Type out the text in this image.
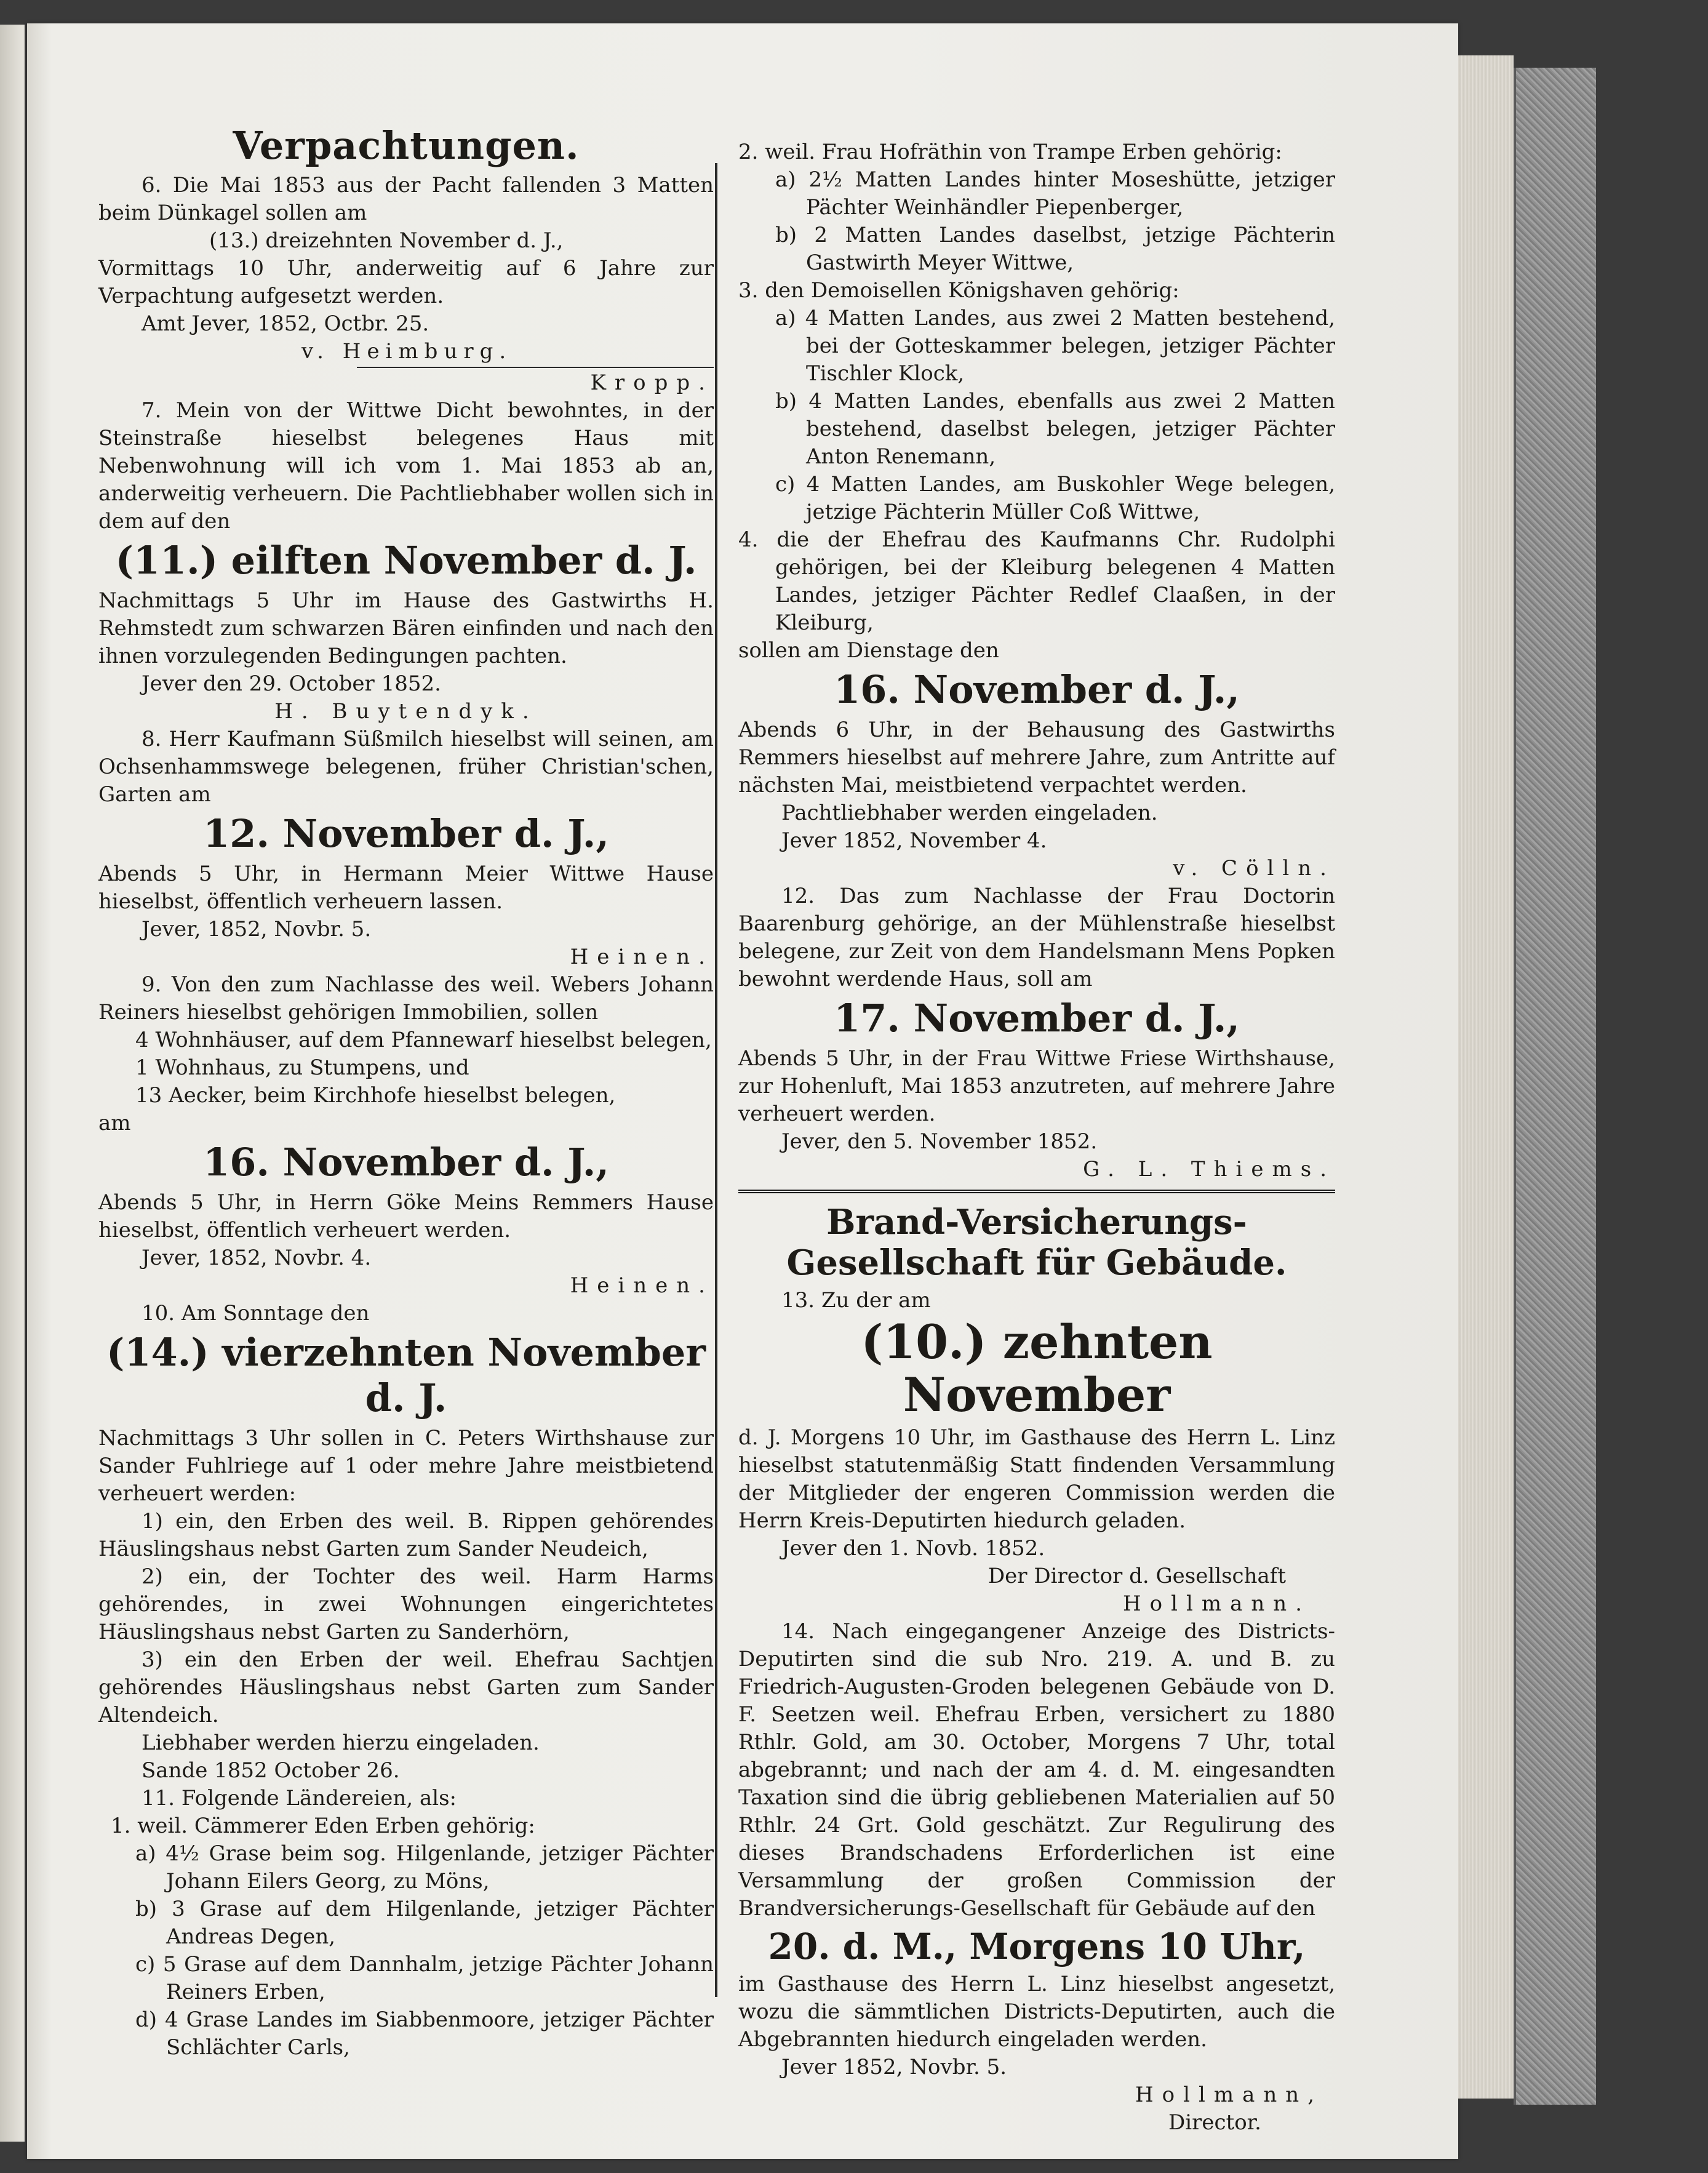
Verpachtungen.

6. Die Mai 1853 aus der Pacht fallenden 3 Matten beim Dünkagel sollen am

(13.) dreizehnten November d. J.,

Vormittags 10 Uhr, anderweitig auf 6 Jahre zur Verpachtung aufgesetzt werden.

Amt Jever, 1852, Octbr. 25.

v. Heimburg.

Kropp.

7. Mein von der Wittwe Dicht bewohntes, in der Steinstraße hieselbst belegenes Haus mit Nebenwohnung will ich vom 1. Mai 1853 ab an, anderweitig verheuern. Die Pachtliebhaber wollen sich in dem auf den

(11.) eilften November d. J.

Nachmittags 5 Uhr im Hause des Gastwirths H. Rehmstedt zum schwarzen Bären einfinden und nach den ihnen vorzulegenden Bedingungen pachten.

Jever den 29. October 1852.

H. Buytendyk.

8. Herr Kaufmann Süßmilch hieselbst will seinen, am Ochsenhammswege belegenen, früher Christian'schen, Garten am

12. November d. J.,

Abends 5 Uhr, in Hermann Meier Wittwe Hause hieselbst, öffentlich verheuern lassen.

Jever, 1852, Novbr. 5.

Heinen.

9. Von den zum Nachlasse des weil. Webers Johann Reiners hieselbst gehörigen Immobilien, sollen

4 Wohnhäuser, auf dem Pfannewarf hieselbst belegen,

1 Wohnhaus, zu Stumpens, und

13 Aecker, beim Kirchhofe hieselbst belegen,

am

16. November d. J.,

Abends 5 Uhr, in Herrn Göke Meins Remmers Hause hieselbst, öffentlich verheuert werden.

Jever, 1852, Novbr. 4.

Heinen.

10. Am Sonntage den

(14.) vierzehnten November d. J.

Nachmittags 3 Uhr sollen in C. Peters Wirthshause zur Sander Fuhlriege auf 1 oder mehre Jahre meistbietend verheuert werden:

1) ein, den Erben des weil. B. Rippen gehörendes Häuslingshaus nebst Garten zum Sander Neudeich,

2) ein, der Tochter des weil. Harm Harms gehörendes, in zwei Wohnungen eingerichtetes Häuslingshaus nebst Garten zu Sanderhörn,

3) ein den Erben der weil. Ehefrau Sachtjen gehörendes Häuslingshaus nebst Garten zum Sander Altendeich.

Liebhaber werden hierzu eingeladen.

Sande 1852 October 26.

11. Folgende Ländereien, als:

1. weil. Cämmerer Eden Erben gehörig:

a) 4½ Grase beim sog. Hilgenlande, jetziger Pächter Johann Eilers Georg, zu Möns,

b) 3 Grase auf dem Hilgenlande, jetziger Pächter Andreas Degen,

c) 5 Grase auf dem Dannhalm, jetzige Pächter Johann Reiners Erben,

d) 4 Grase Landes im Siabbenmoore, jetziger Pächter Schlächter Carls,

2. weil. Frau Hofräthin von Trampe Erben gehörig:

a) 2½ Matten Landes hinter Moseshütte, jetziger Pächter Weinhändler Piepenberger,

b) 2 Matten Landes daselbst, jetzige Pächterin Gastwirth Meyer Wittwe,

3. den Demoisellen Königshaven gehörig:

a) 4 Matten Landes, aus zwei 2 Matten bestehend, bei der Gotteskammer belegen, jetziger Pächter Tischler Klock,

b) 4 Matten Landes, ebenfalls aus zwei 2 Matten bestehend, daselbst belegen, jetziger Pächter Anton Renemann,

c) 4 Matten Landes, am Buskohler Wege belegen, jetzige Pächterin Müller Coß Wittwe,

4. die der Ehefrau des Kaufmanns Chr. Rudolphi gehörigen, bei der Kleiburg belegenen 4 Matten Landes, jetziger Pächter Redlef Claaßen, in der Kleiburg,

sollen am Dienstage den

16. November d. J.,

Abends 6 Uhr, in der Behausung des Gastwirths Remmers hieselbst auf mehrere Jahre, zum Antritte auf nächsten Mai, meistbietend verpachtet werden.

Pachtliebhaber werden eingeladen.

Jever 1852, November 4.

v. Cölln.

12. Das zum Nachlasse der Frau Doctorin Baarenburg gehörige, an der Mühlenstraße hieselbst belegene, zur Zeit von dem Handelsmann Mens Popken bewohnt werdende Haus, soll am

17. November d. J.,

Abends 5 Uhr, in der Frau Wittwe Friese Wirthshause, zur Hohenluft, Mai 1853 anzutreten, auf mehrere Jahre verheuert werden.

Jever, den 5. November 1852.

G. L. Thiems.

Brand-Versicherungs-Gesellschaft für Gebäude.

13. Zu der am

(10.) zehnten November

d. J. Morgens 10 Uhr, im Gasthause des Herrn L. Linz hieselbst statutenmäßig Statt findenden Versammlung der Mitglieder der engeren Commission werden die Herrn Kreis-Deputirten hiedurch geladen.

Jever den 1. Novb. 1852.

Der Director d. Gesellschaft

Hollmann.

14. Nach eingegangener Anzeige des Districts-Deputirten sind die sub Nro. 219. A. und B. zu Friedrich-Augusten-Groden belegenen Gebäude von D. F. Seetzen weil. Ehefrau Erben, versichert zu 1880 Rthlr. Gold, am 30. October, Morgens 7 Uhr, total abgebrannt; und nach der am 4. d. M. eingesandten Taxation sind die übrig gebliebenen Materialien auf 50 Rthlr. 24 Grt. Gold geschätzt. Zur Regulirung des dieses Brandschadens Erforderlichen ist eine Versammlung der großen Commission der Brandversicherungs-Gesellschaft für Gebäude auf den

20. d. M., Morgens 10 Uhr,

im Gasthause des Herrn L. Linz hieselbst angesetzt, wozu die sämmtlichen Districts-Deputirten, auch die Abgebrannten hiedurch eingeladen werden.

Jever 1852, Novbr. 5.

Hollmann,

Director.
